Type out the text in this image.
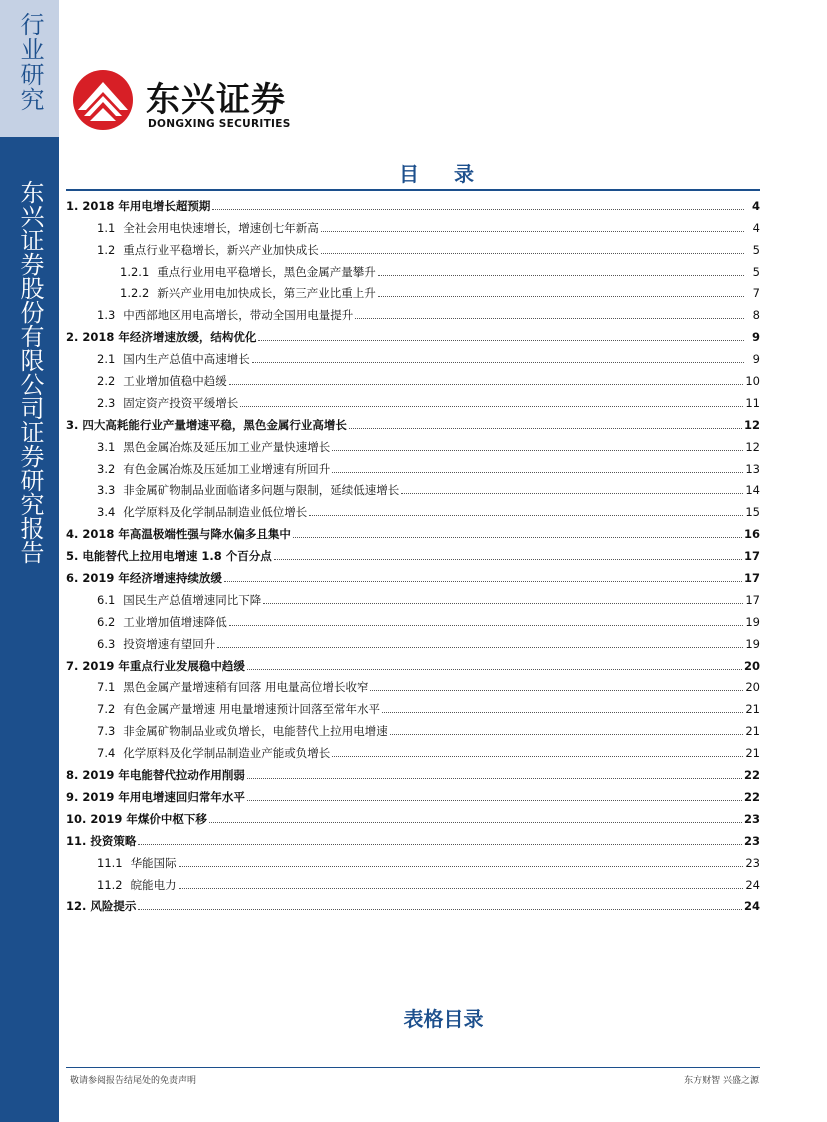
行业研究
东兴证券股份有限公司证券研究报告
东兴证券
DONGXING SECURITIES
目 录
1. 2018 年用电增长超预期	4
1.1 全社会用电快速增长，增速创七年新高	4
1.2 重点行业平稳增长，新兴产业加快成长	5
1.2.1 重点行业用电平稳增长，黑色金属产量攀升	5
1.2.2 新兴产业用电加快成长，第三产业比重上升	7
1.3 中西部地区用电高增长，带动全国用电量提升	8
2. 2018 年经济增速放缓，结构优化	9
2.1 国内生产总值中高速增长	9
2.2 工业增加值稳中趋缓	10
2.3 固定资产投资平缓增长	11
3. 四大高耗能行业产量增速平稳，黑色金属行业高增长	12
3.1 黑色金属冶炼及延压加工业产量快速增长	12
3.2 有色金属冶炼及压延加工业增速有所回升	13
3.3 非金属矿物制品业面临诸多问题与限制，延续低速增长	14
3.4 化学原料及化学制品制造业低位增长	15
4. 2018 年高温极端性强与降水偏多且集中	16
5. 电能替代上拉用电增速 1.8 个百分点	17
6. 2019 年经济增速持续放缓	17
6.1 国民生产总值增速同比下降	17
6.2 工业增加值增速降低	19
6.3 投资增速有望回升	19
7. 2019 年重点行业发展稳中趋缓	20
7.1 黑色金属产量增速稍有回落 用电量高位增长收窄	20
7.2 有色金属产量增速 用电量增速预计回落至常年水平	21
7.3 非金属矿物制品业或负增长，电能替代上拉用电增速	21
7.4 化学原料及化学制品制造业产能或负增长	21
8. 2019 年电能替代拉动作用削弱	22
9. 2019 年用电增速回归常年水平	22
10. 2019 年煤价中枢下移	23
11. 投资策略	23
11.1 华能国际	23
11.2 皖能电力	24
12. 风险提示	24
表格目录
敬请参阅报告结尾处的免责声明	东方财智 兴盛之源
